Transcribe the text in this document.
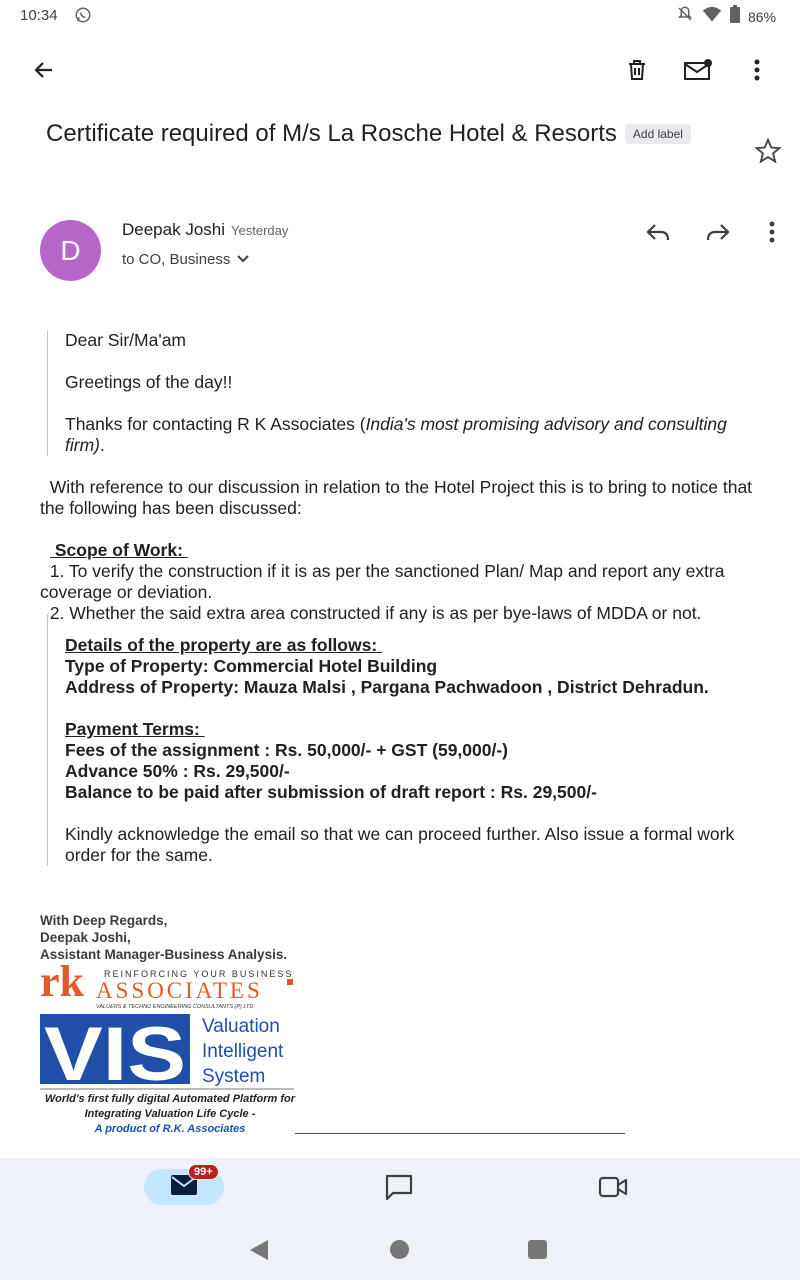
10:34	86%
Certificate required of M/s La Rosche Hotel & Resorts	Add label
D
Deepak Joshi Yesterday
to CO, Business
Dear Sir/Ma'am
Greetings of the day!!
Thanks for contacting R K Associates (India's most promising advisory and consulting firm).
With reference to our discussion in relation to the Hotel Project this is to bring to notice that the following has been discussed:
Scope of Work:
1. To verify the construction if it is as per the sanctioned Plan/ Map and report any extra coverage or deviation.
2. Whether the said extra area constructed if any is as per bye-laws of MDDA or not.
Details of the property are as follows:
Type of Property: Commercial Hotel Building
Address of Property: Mauza Malsi , Pargana Pachwadoon , District Dehradun.
Payment Terms:
Fees of the assignment : Rs. 50,000/- + GST (59,000/-)
Advance 50% : Rs. 29,500/-
Balance to be paid after submission of draft report : Rs. 29,500/-
Kindly acknowledge the email so that we can proceed further. Also issue a formal work order for the same.
With Deep Regards,
Deepak Joshi,
Assistant Manager-Business Analysis.
rk REINFORCING YOUR BUSINESS
ASSOCIATES
VALUERS & TECHNO ENGINEERING CONSULTANTS (P) LTD.
VIS Valuation
Intelligent
System
World's first fully digital Automated Platform for
Integrating Valuation Life Cycle -
A product of R.K. Associates
99+
